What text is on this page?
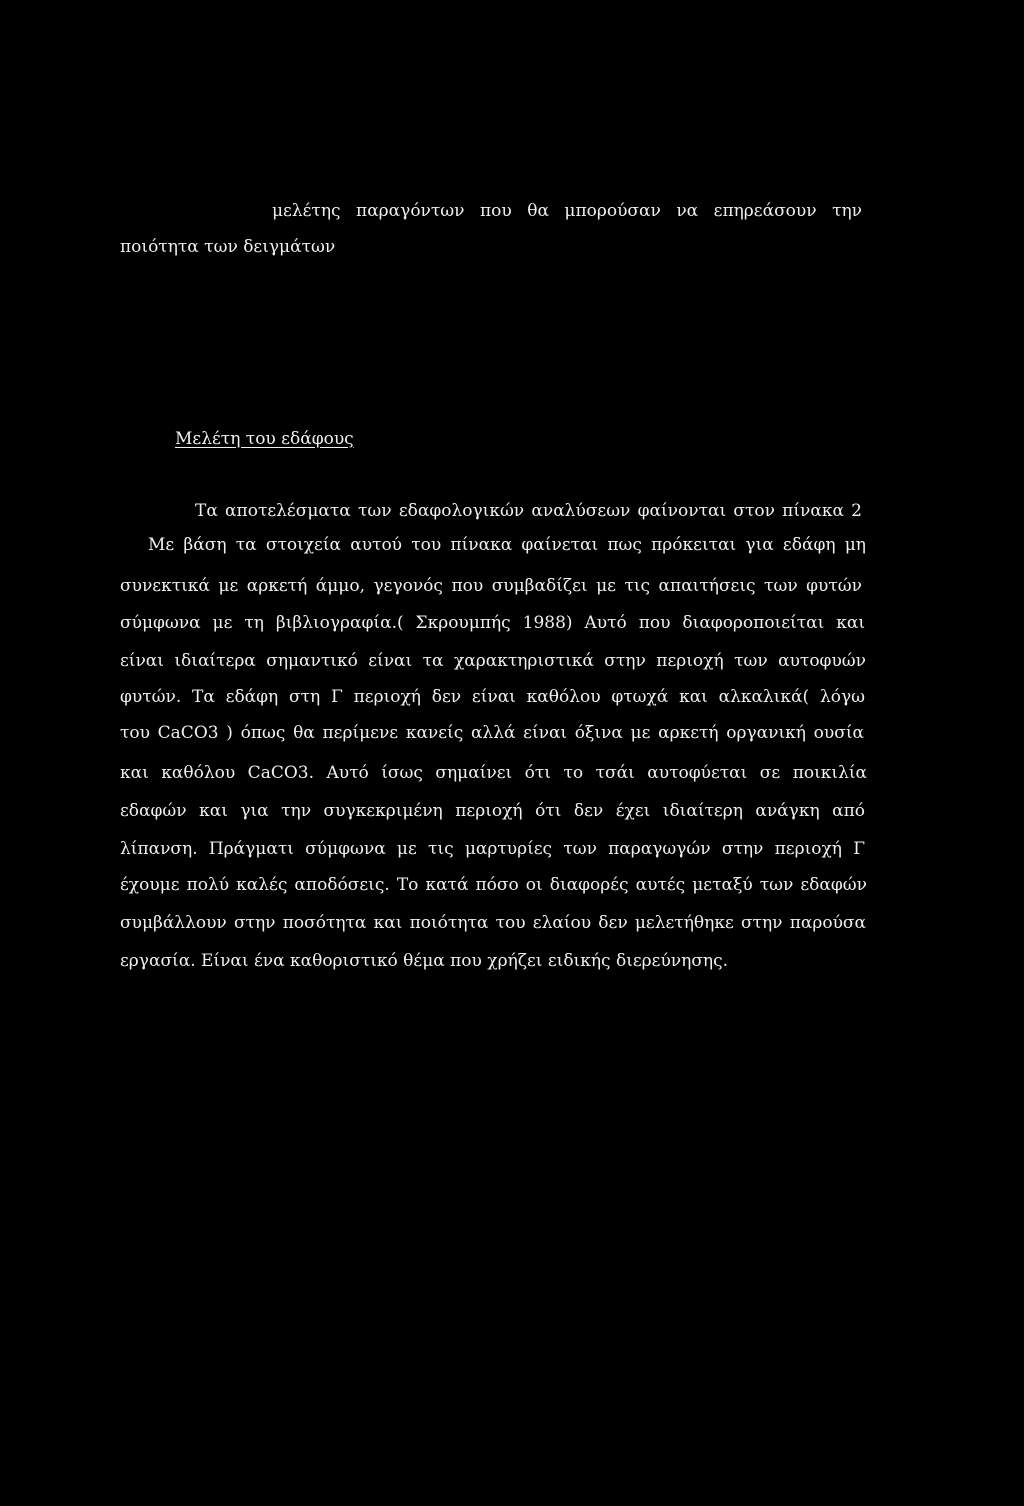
μελέτης παραγόντων που θα μπορούσαν να επηρεάσουν την
ποιότητα των δειγμάτων
Μελέτη του εδάφους
Τα αποτελέσματα των εδαφολογικών αναλύσεων φαίνονται στον πίνακα 2
Με βάση τα στοιχεία αυτού του πίνακα φαίνεται πως πρόκειται για εδάφη μη
συνεκτικά με αρκετή άμμο, γεγονός που συμβαδίζει με τις απαιτήσεις των φυτών
σύμφωνα με τη βιβλιογραφία.( Σκρουμπής 1988) Αυτό που διαφοροποιείται και
είναι ιδιαίτερα σημαντικό είναι τα χαρακτηριστικά στην περιοχή των αυτοφυών
φυτών. Τα εδάφη στη Γ περιοχή δεν είναι καθόλου φτωχά και αλκαλικά( λόγω
του CaCO3 ) όπως θα περίμενε κανείς αλλά είναι όξινα με αρκετή οργανική ουσία
και καθόλου CaCO3. Αυτό ίσως σημαίνει ότι το τσάι αυτοφύεται σε ποικιλία
εδαφών και για την συγκεκριμένη περιοχή ότι δεν έχει ιδιαίτερη ανάγκη από
λίπανση. Πράγματι σύμφωνα με τις μαρτυρίες των παραγωγών στην περιοχή Γ
έχουμε πολύ καλές αποδόσεις. Το κατά πόσο οι διαφορές αυτές μεταξύ των εδαφών
συμβάλλουν στην ποσότητα και ποιότητα του ελαίου δεν μελετήθηκε στην παρούσα
εργασία. Είναι ένα καθοριστικό θέμα που χρήζει ειδικής διερεύνησης.
